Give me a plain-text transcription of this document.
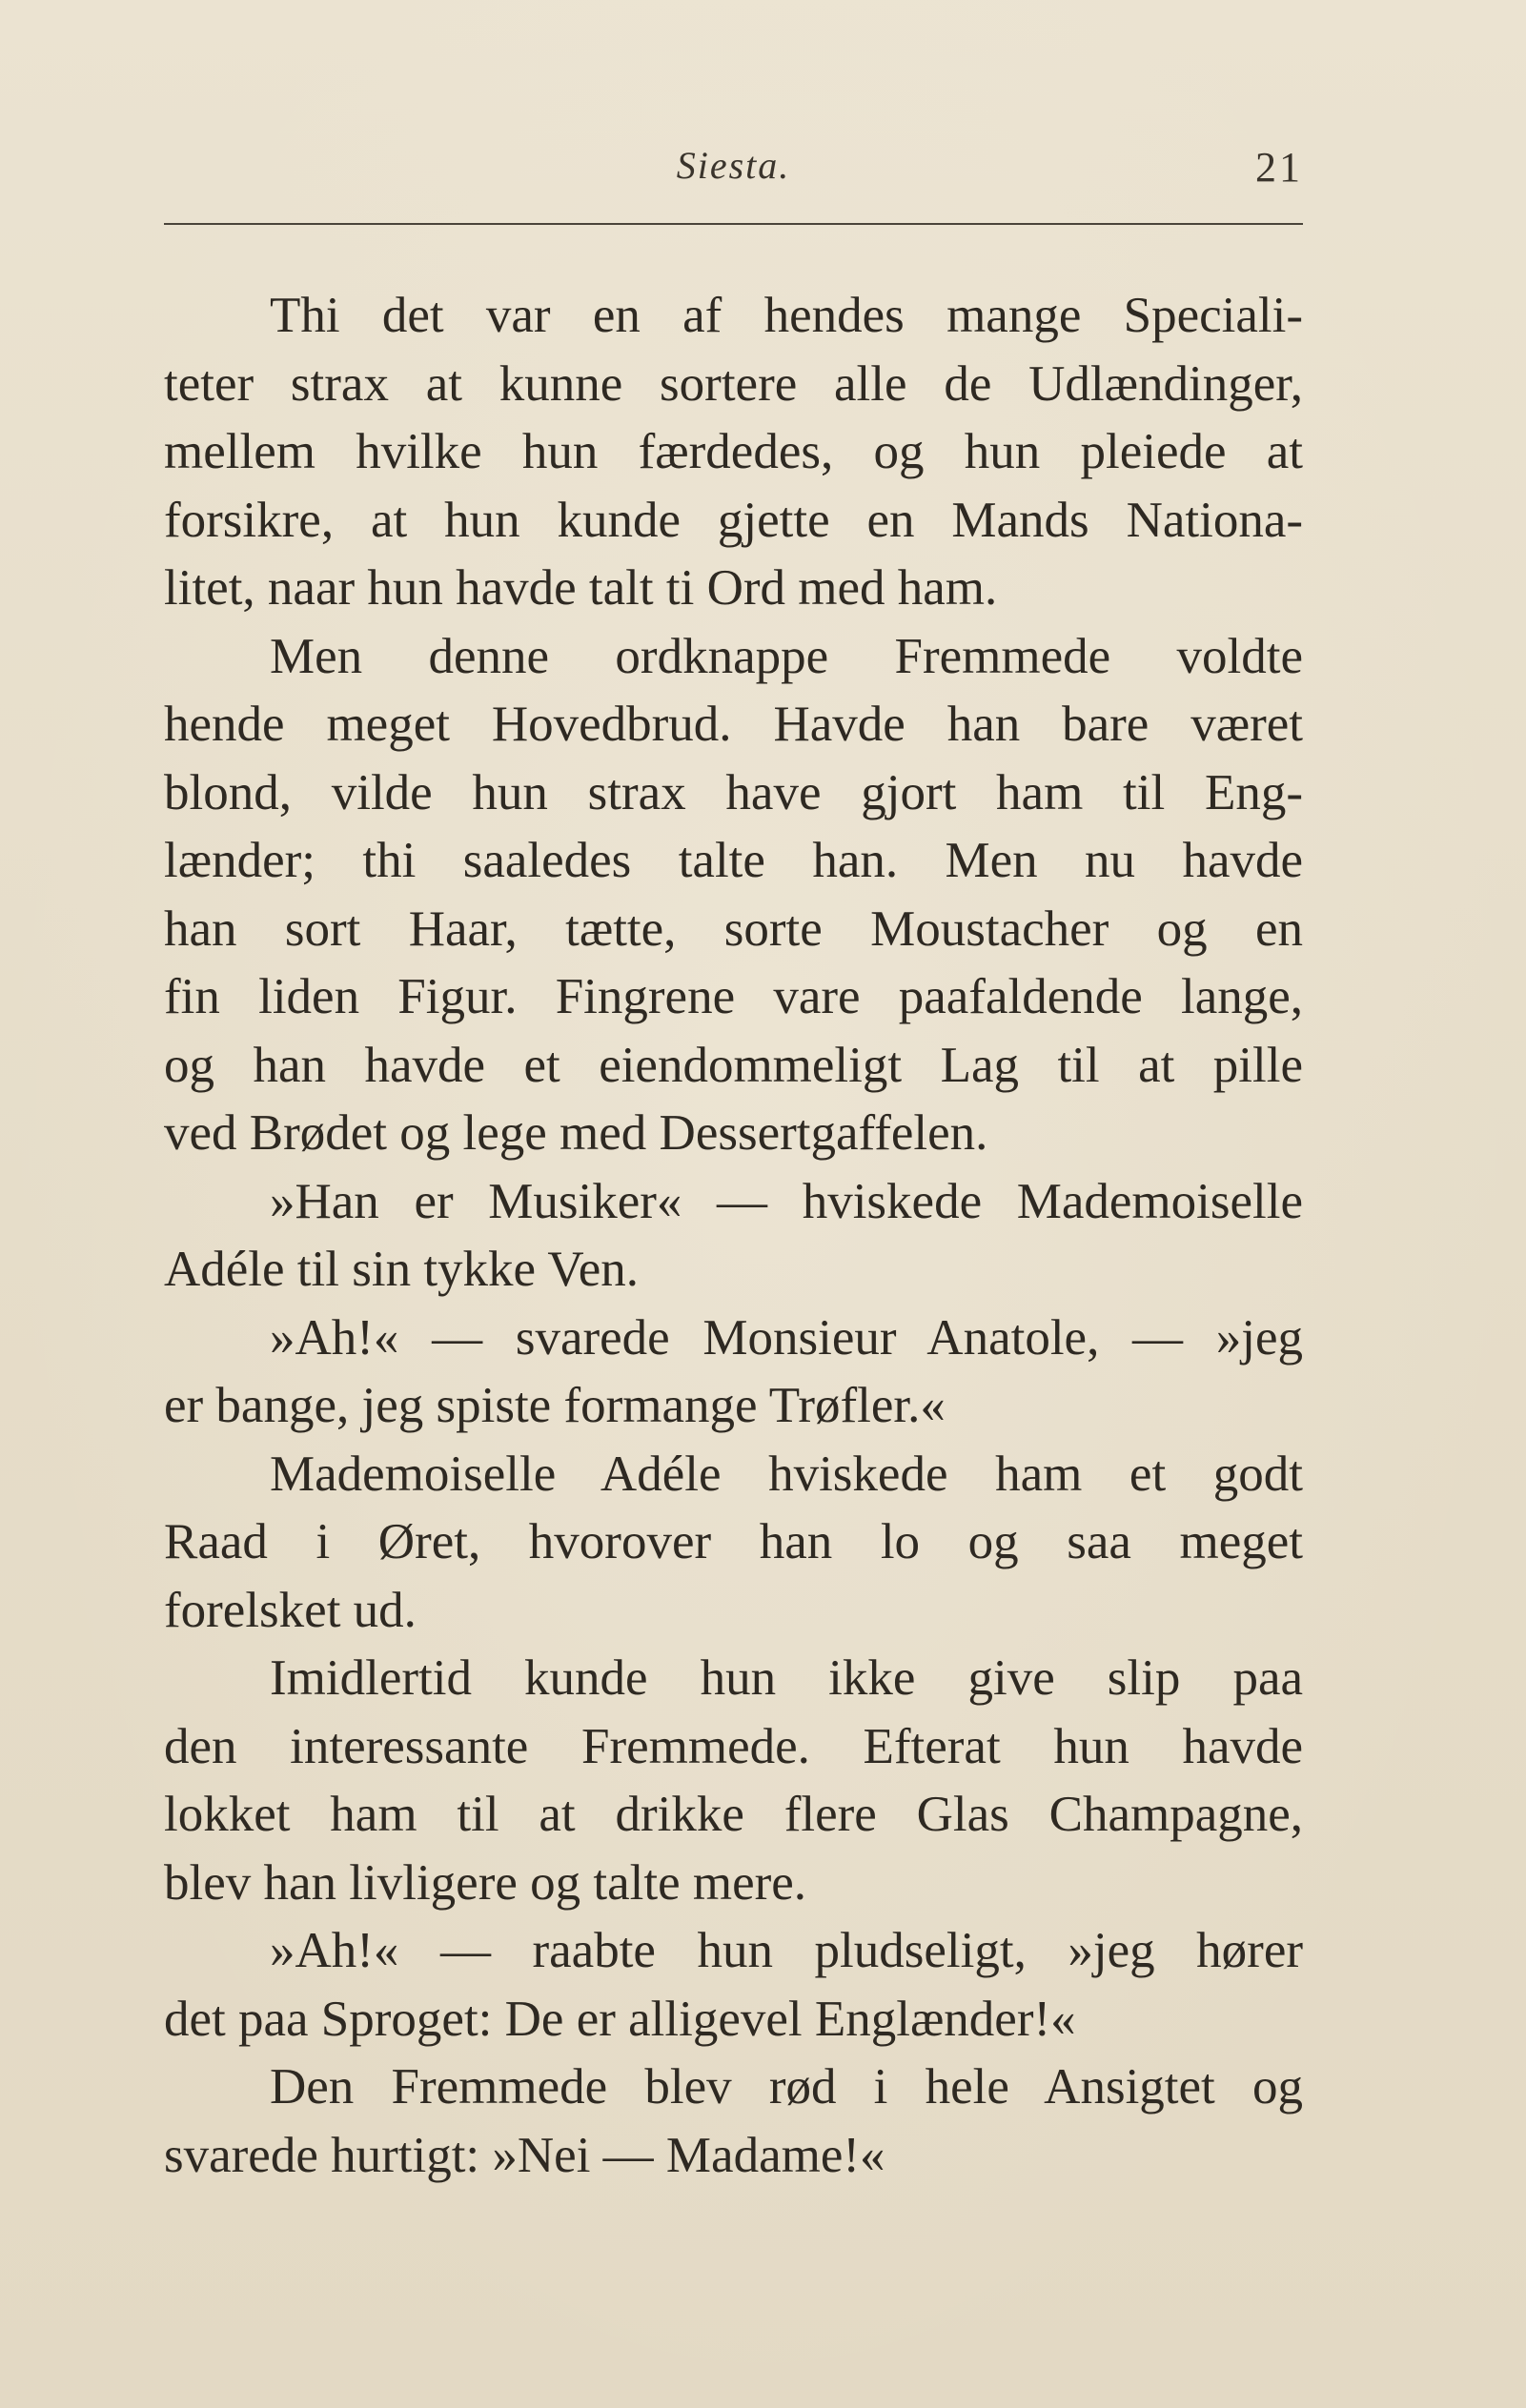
Siesta.	21
Thi det var en af hendes mange Speciali-
teter strax at kunne sortere alle de Udlændinger,
mellem hvilke hun færdedes, og hun pleiede at
forsikre, at hun kunde gjette en Mands Nationa-
litet, naar hun havde talt ti Ord med ham.
Men denne ordknappe Fremmede voldte
hende meget Hovedbrud. Havde han bare været
blond, vilde hun strax have gjort ham til Eng-
lænder; thi saaledes talte han. Men nu havde
han sort Haar, tætte, sorte Moustacher og en
fin liden Figur. Fingrene vare paafaldende lange,
og han havde et eiendommeligt Lag til at pille
ved Brødet og lege med Dessertgaffelen.
»Han er Musiker« — hviskede Mademoiselle
Adéle til sin tykke Ven.
»Ah!« — svarede Monsieur Anatole, — »jeg
er bange, jeg spiste formange Trøfler.«
Mademoiselle Adéle hviskede ham et godt
Raad i Øret, hvorover han lo og saa meget
forelsket ud.
Imidlertid kunde hun ikke give slip paa
den interessante Fremmede. Efterat hun havde
lokket ham til at drikke flere Glas Champagne,
blev han livligere og talte mere.
»Ah!« — raabte hun pludseligt, »jeg hører
det paa Sproget: De er alligevel Englænder!«
Den Fremmede blev rød i hele Ansigtet og
svarede hurtigt: »Nei — Madame!«
